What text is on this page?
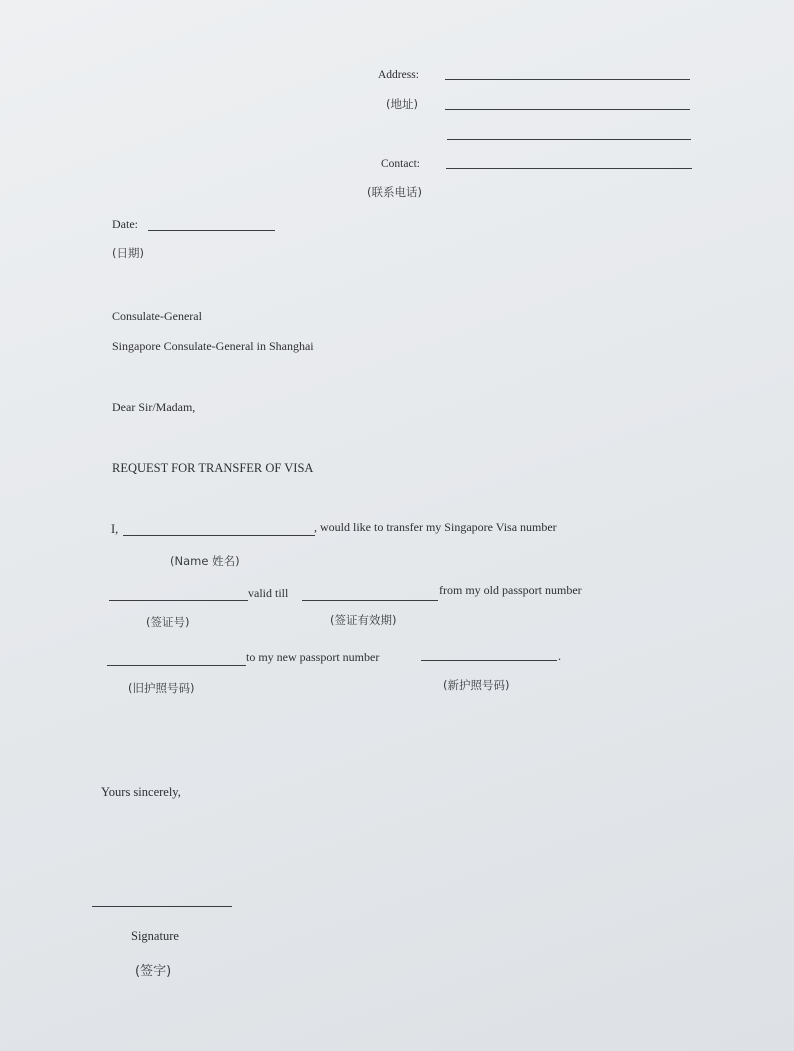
Address:
(地址)
Contact:
(联系电话)
Date:
(日期)
Consulate-General
Singapore Consulate-General in Shanghai
Dear Sir/Madam,
REQUEST FOR TRANSFER OF VISA
I,	, would like to transfer my Singapore Visa number
(Name 姓名)
valid till	from my old passport number
(签证号)	(签证有效期)
to my new passport number	.
(旧护照号码)	(新护照号码)
Yours sincerely,
Signature
(签字)
